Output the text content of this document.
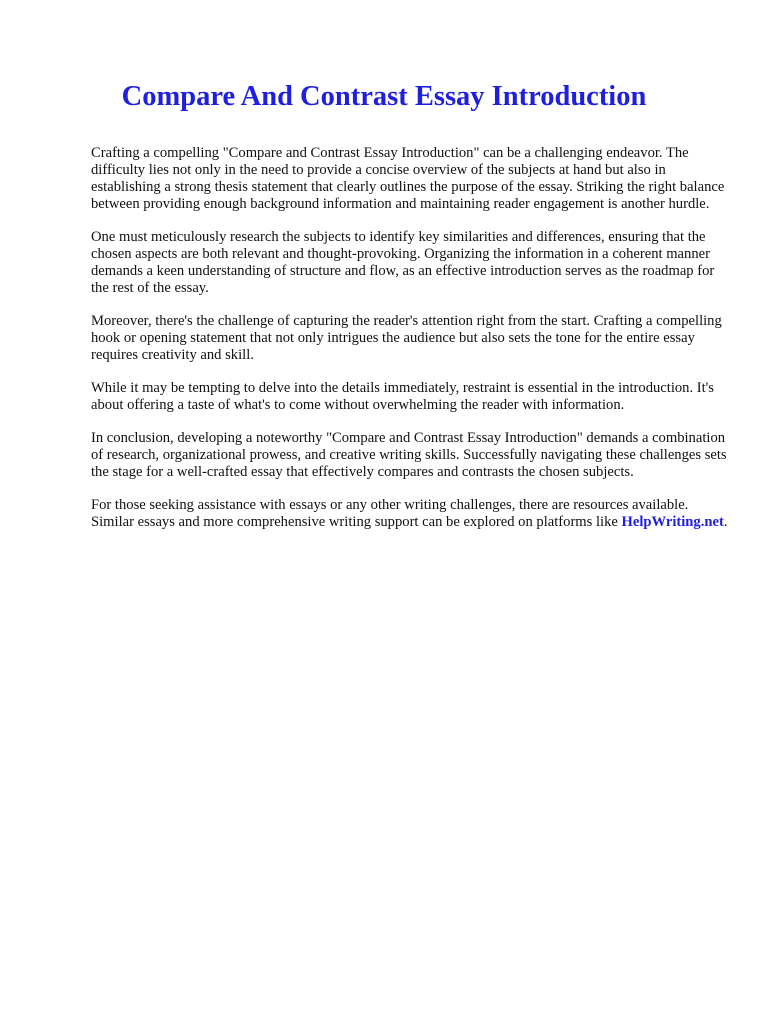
Compare And Contrast Essay Introduction

Crafting a compelling "Compare and Contrast Essay Introduction" can be a challenging endeavor. The difficulty lies not only in the need to provide a concise overview of the subjects at hand but also in establishing a strong thesis statement that clearly outlines the purpose of the essay. Striking the right balance between providing enough background information and maintaining reader engagement is another hurdle.

One must meticulously research the subjects to identify key similarities and differences, ensuring that the chosen aspects are both relevant and thought-provoking. Organizing the information in a coherent manner demands a keen understanding of structure and flow, as an effective introduction serves as the roadmap for the rest of the essay.

Moreover, there's the challenge of capturing the reader's attention right from the start. Crafting a compelling hook or opening statement that not only intrigues the audience but also sets the tone for the entire essay requires creativity and skill.

While it may be tempting to delve into the details immediately, restraint is essential in the introduction. It's about offering a taste of what's to come without overwhelming the reader with information.

In conclusion, developing a noteworthy "Compare and Contrast Essay Introduction" demands a combination of research, organizational prowess, and creative writing skills. Successfully navigating these challenges sets the stage for a well-crafted essay that effectively compares and contrasts the chosen subjects.

For those seeking assistance with essays or any other writing challenges, there are resources available. Similar essays and more comprehensive writing support can be explored on platforms like HelpWriting.net.
